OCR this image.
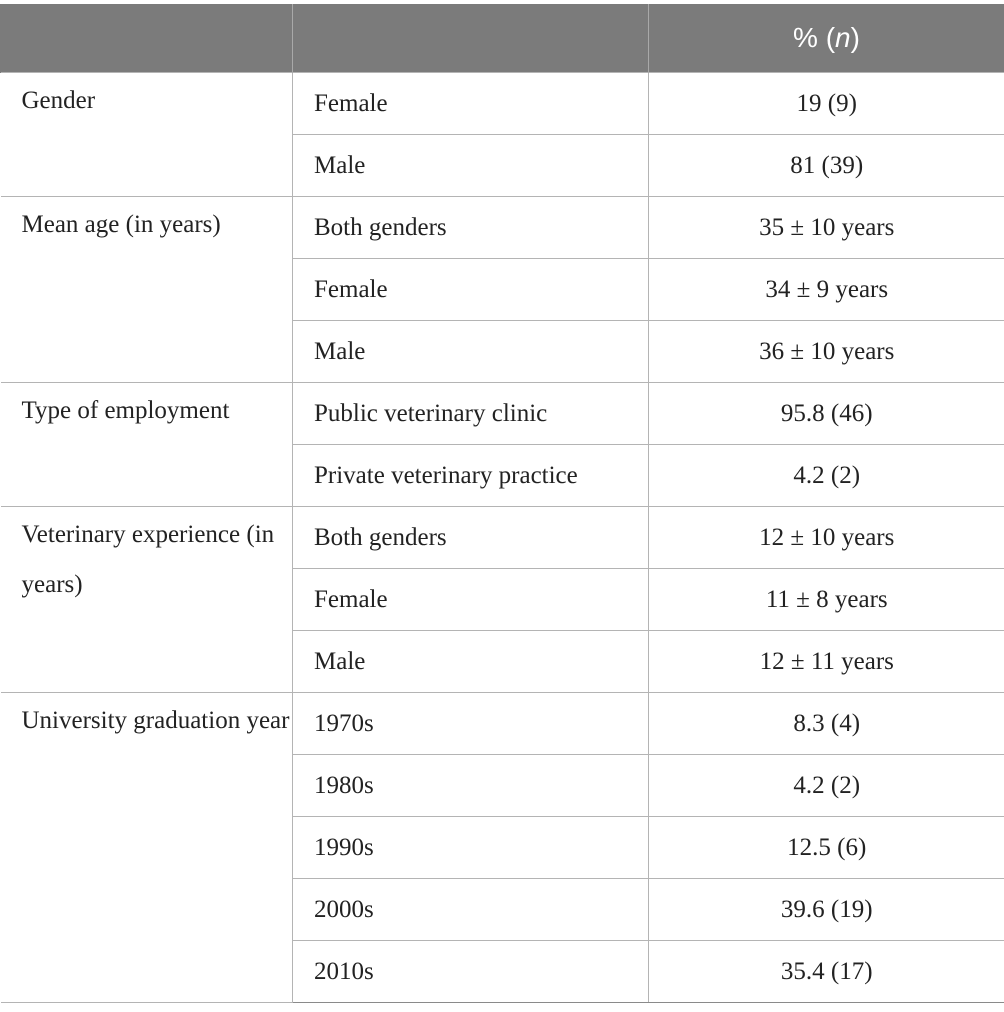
		% (n)

Gender	Female	19 (9)
	Male	81 (39)

Mean age (in years)	Both genders	35 ± 10 years
	Female	34 ± 9 years
	Male	36 ± 10 years

Type of employment	Public veterinary clinic	95.8 (46)
	Private veterinary practice	4.2 (2)

Veterinary experience (in years)	Both genders	12 ± 10 years
	Female	11 ± 8 years
	Male	12 ± 11 years

University graduation year	1970s	8.3 (4)
	1980s	4.2 (2)
	1990s	12.5 (6)
	2000s	39.6 (19)
	2010s	35.4 (17)
